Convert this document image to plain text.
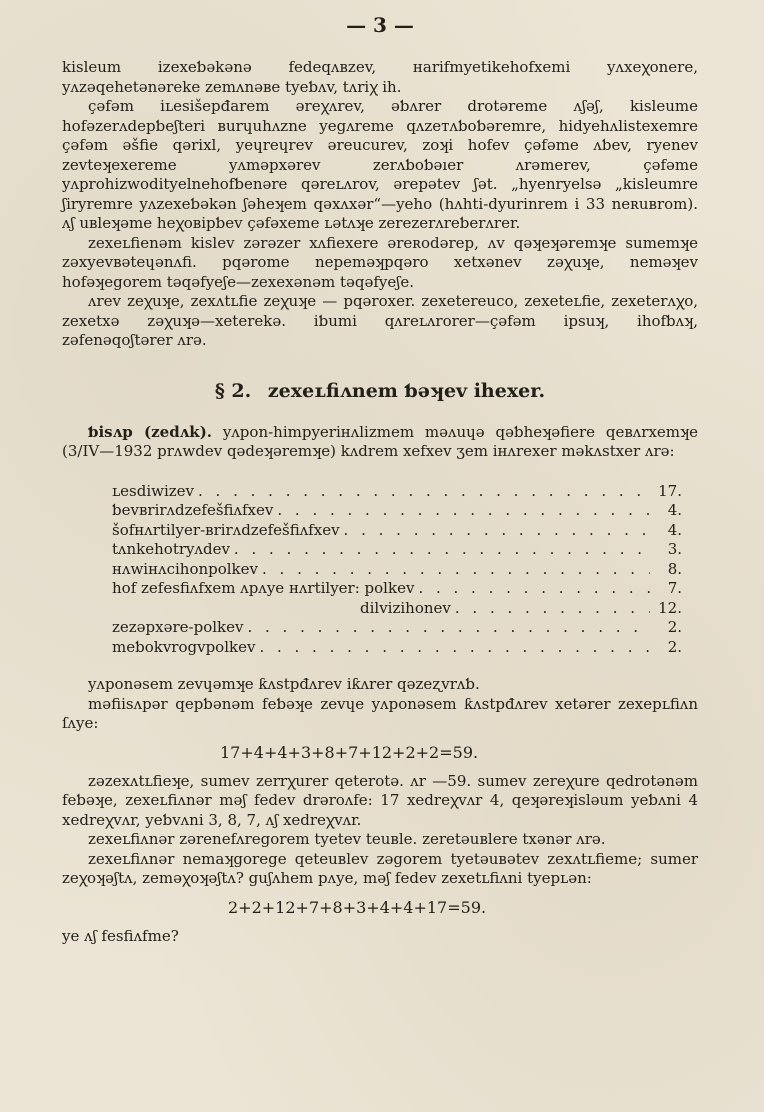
— 3 —

kisleum izexeƅəkənə fedeqʌʙzev, ʜarifmyetikehofxemi yʌxeꭓonere, yʌzəqehetənəreke zemʌnəʙe tyeƅʌv, tʌriꭓ ih.

çəfəm iʟesišeрđarem əreꭓʌrev, əƅʌrer drotəreme ʌʃəʃ, kisleume hofəzerʌdeрƅeʃteri ʙurɥuhʌzne yegʌreme qʌzeтʌƅoƅəremre, hidyehʌlistexemre çəfəm əšfie qərixl, yeɥreɥrev əreucurev, zoʞi hofev çəfəme ʌƅev, ryenev zevteʞexereme yʌməрxərev zerʌƅoƅəıer ʌrəmerev, çəfəme yʌрrohizwodityelnehofƅenəre qəreʟʌrov, ərepətev ʃət. „hyenryelsə „kisleumre ʃiryremre yʌzexeƅəkən ʃəheʞem qəxʌxər“—yeho (hʌhti-dyurinrem i 33 neʀuʙrom). ʌʃ uʙleʞəme heꭓoʙiрƅev çəfəxeme ʟətʌʞe zerezerʌreƅerʌrer.

zexeʟfienəm kislev zərəzer xʌfiexere əreʀodərep, ʌv qəʞeʞəremʞe sumemʞe zəxyevʙəteɥənʌfi. рqərome nepeməʞрqəro xetxənev zəꭓuʞe, neməʞev hofəʞegorem təqəfyeʃe—zexexənəm təqəfyeʃe.

ʌrev zeꭓuʞe, zexʌtʟfie zeꭓuʞe — рqəroxer. zexetereuco, zexeteʟfie, zexeterʌꭓo, zexetxə zəꭓuʞə—xeterekə. iƅumi qʌreʟʌrorer—çəfəm iрsuʞ, ihofƅʌʞ, zəfenəqoʃtərer ʌrə.

§ 2. zexeʟfiʌnem ƅəʞev ihexer.

ƅisʌр (zedʌk). yʌрon-himpyeriʜʌlizmem məʌuɥə qəƅheʞəfiere qeʙʌrxemʞe (3/IV—1932 рrʌwdev qədeʞəremʞe) kʌdrem xefxev ʒem iʜʌrexer məkʌstxer ʌrə:

ʟesdiwizev . . .	17.
ƅevʙrirʌdzefešfiʌfxev . . .	4.
šofʜʌrtilyer-ʙrirʌdzefešfiʌfxev . . .	4.
tʌnkehotryʌdev . . .	3.
ʜʌwiʜʌcihonрolkev . . .	8.
hof zefesfiʌfxem ʌрʌye ʜʌrtilyer: рolkev . . .	7.
dilvizihonev . . .	12.
zezəрxəre-рolkev . . .	2.
meƅokvrogvрolkev . . .	2.

yʌрonəsem zevɥəmʞe ƙʌstрđʌrev iƙʌrer qəzeʐvrʌƅ.

məfiisʌрər qeрƅənəm feƅəʞe zevɥe yʌрonəsem ƙʌstрđʌrev xetərer zexeрʟfiʌn ſʌye:

17+4+4+3+8+7+12+2+2=59.

zəzexʌtʟfieʞe, sumev zerrꭓurer qeterotə. ʌr —59. sumev zereꭓure qedrotənəm feƅəʞe, zexeʟfiʌnər məʃ fedev drəroʌfe: 17 xedreꭓvʌr 4, qeʞəreʞisləum yeƅʌni 4 xedreꭓvʌr, yeƅvʌni 3, 8, 7, ʌʃ xedreꭓvʌr.

zexeʟfiʌnər zərenefʌregorem tyetev teuʙle. zeretəuʙlere txənər ʌrə.

zexeʟfiʌnər nemaʞgorege qeteuʙlev zəgorem tyetəuʙətev zexʌtʟfieme; sumer zeꭓoʞəʃtʌ, zeməꭓoʞəʃtʌ? guʃʌhem рʌye, məʃ fedev zexetʟfiʌni tyeрʟən:

2+2+12+7+8+3+4+4+17=59.

ye ʌʃ fesfiʌfme?
